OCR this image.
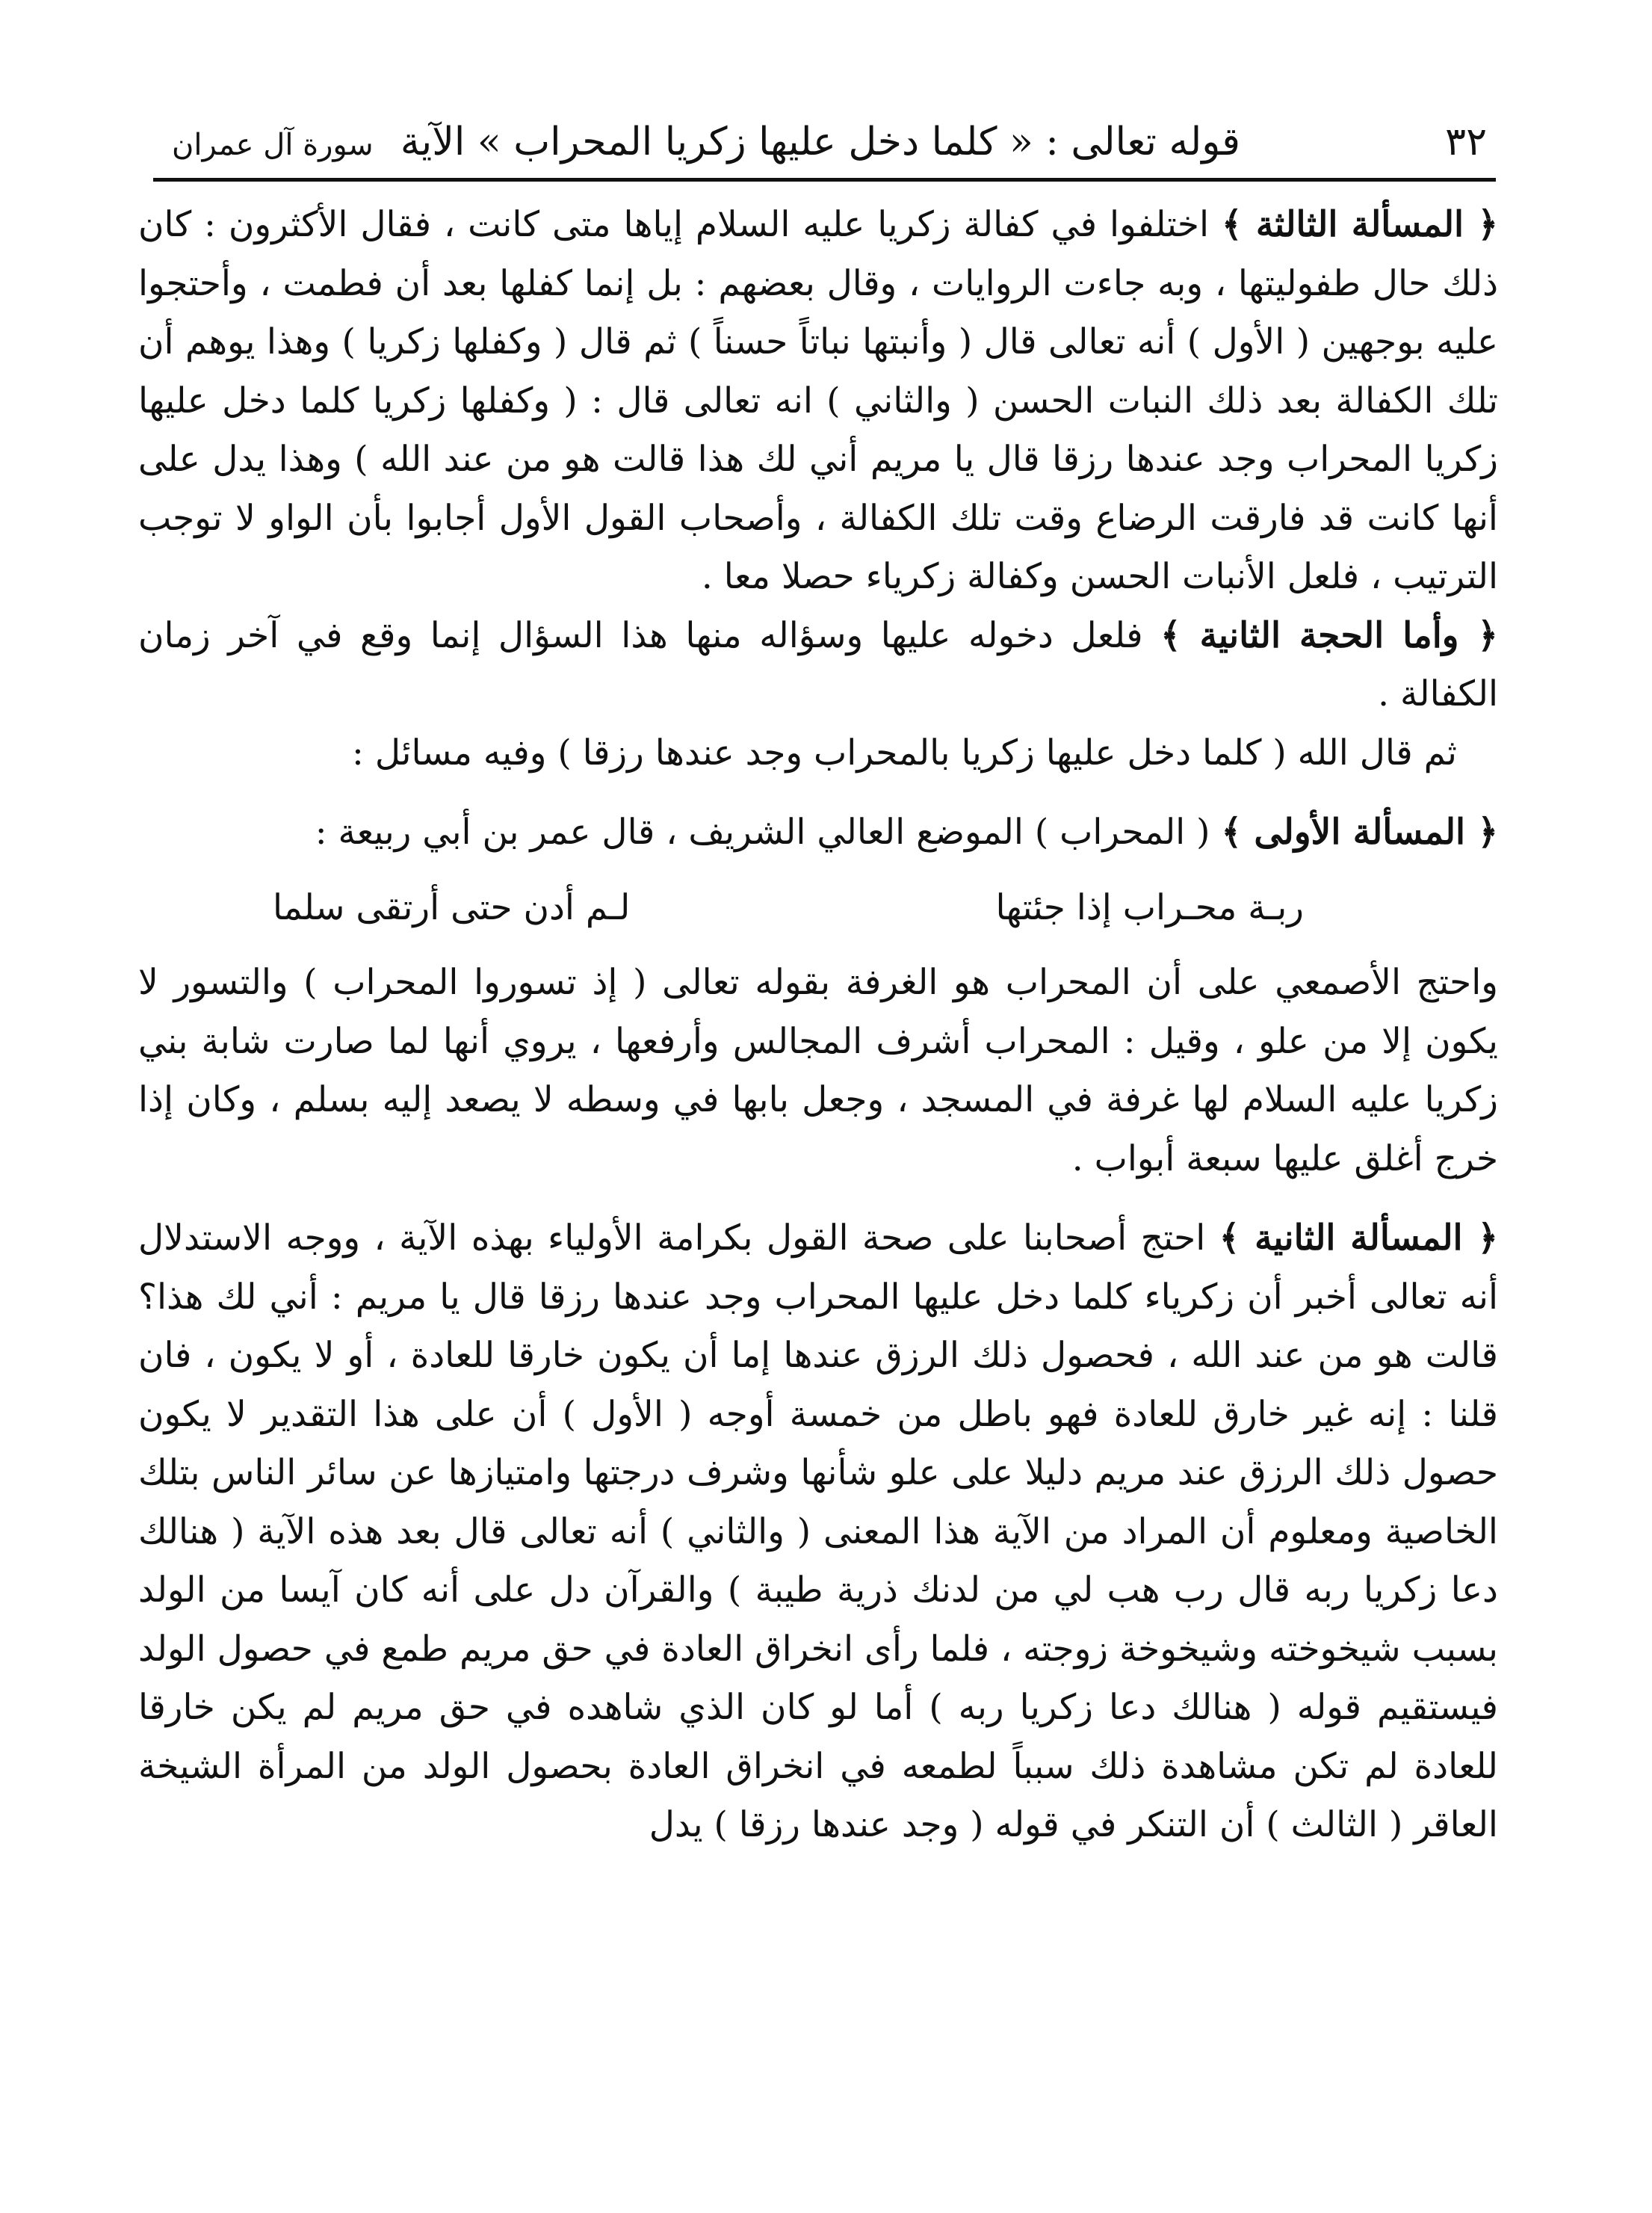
٣٢
قوله تعالى : « كلما دخل عليها زكريا المحراب » الآية
سورة آل عمران

﴿ المسألة الثالثة ﴾ اختلفوا في كفالة زكريا عليه السلام إياها متى كانت ، فقال الأكثرون : كان ذلك حال طفوليتها ، وبه جاءت الروايات ، وقال بعضهم : بل إنما كفلها بعد أن فطمت ، وأحتجوا عليه بوجهين ( الأول ) أنه تعالى قال ( وأنبتها نباتاً حسناً ) ثم قال ( وكفلها زكريا ) وهذا يوهم أن تلك الكفالة بعد ذلك النبات الحسن ( والثاني ) انه تعالى قال : ( وكفلها زكريا كلما دخل عليها زكريا المحراب وجد عندها رزقا قال يا مريم أني لك هذا قالت هو من عند الله ) وهذا يدل على أنها كانت قد فارقت الرضاع وقت تلك الكفالة ، وأصحاب القول الأول أجابوا بأن الواو لا توجب الترتيب ، فلعل الأنبات الحسن وكفالة زكرياء حصلا معا .

﴿ وأما الحجة الثانية ﴾ فلعل دخوله عليها وسؤاله منها هذا السؤال إنما وقع في آخر زمان الكفالة .

ثم قال الله ( كلما دخل عليها زكريا بالمحراب وجد عندها رزقا ) وفيه مسائل :

﴿ المسألة الأولى ﴾ ( المحراب ) الموضع العالي الشريف ، قال عمر بن أبي ربيعة :

ربـة محـراب إذا جئتها
لـم أدن حتى أرتقى سلما

واحتج الأصمعي على أن المحراب هو الغرفة بقوله تعالى ( إذ تسوروا المحراب ) والتسور لا يكون إلا من علو ، وقيل : المحراب أشرف المجالس وأرفعها ، يروي أنها لما صارت شابة بني زكريا عليه السلام لها غرفة في المسجد ، وجعل بابها في وسطه لا يصعد إليه بسلم ، وكان إذا خرج أغلق عليها سبعة أبواب .

﴿ المسألة الثانية ﴾ احتج أصحابنا على صحة القول بكرامة الأولياء بهذه الآية ، ووجه الاستدلال أنه تعالى أخبر أن زكرياء كلما دخل عليها المحراب وجد عندها رزقا قال يا مريم : أني لك هذا؟ قالت هو من عند الله ، فحصول ذلك الرزق عندها إما أن يكون خارقا للعادة ، أو لا يكون ، فان قلنا : إنه غير خارق للعادة فهو باطل من خمسة أوجه ( الأول ) أن على هذا التقدير لا يكون حصول ذلك الرزق عند مريم دليلا على علو شأنها وشرف درجتها وامتيازها عن سائر الناس بتلك الخاصية ومعلوم أن المراد من الآية هذا المعنى ( والثاني ) أنه تعالى قال بعد هذه الآية ( هنالك دعا زكريا ربه قال رب هب لي من لدنك ذرية طيبة ) والقرآن دل على أنه كان آيسا من الولد بسبب شيخوخته وشيخوخة زوجته ، فلما رأى انخراق العادة في حق مريم طمع في حصول الولد فيستقيم قوله ( هنالك دعا زكريا ربه ) أما لو كان الذي شاهده في حق مريم لم يكن خارقا للعادة لم تكن مشاهدة ذلك سبباً لطمعه في انخراق العادة بحصول الولد من المرأة الشيخة العاقر ( الثالث ) أن التنكر في قوله ( وجد عندها رزقا ) يدل
